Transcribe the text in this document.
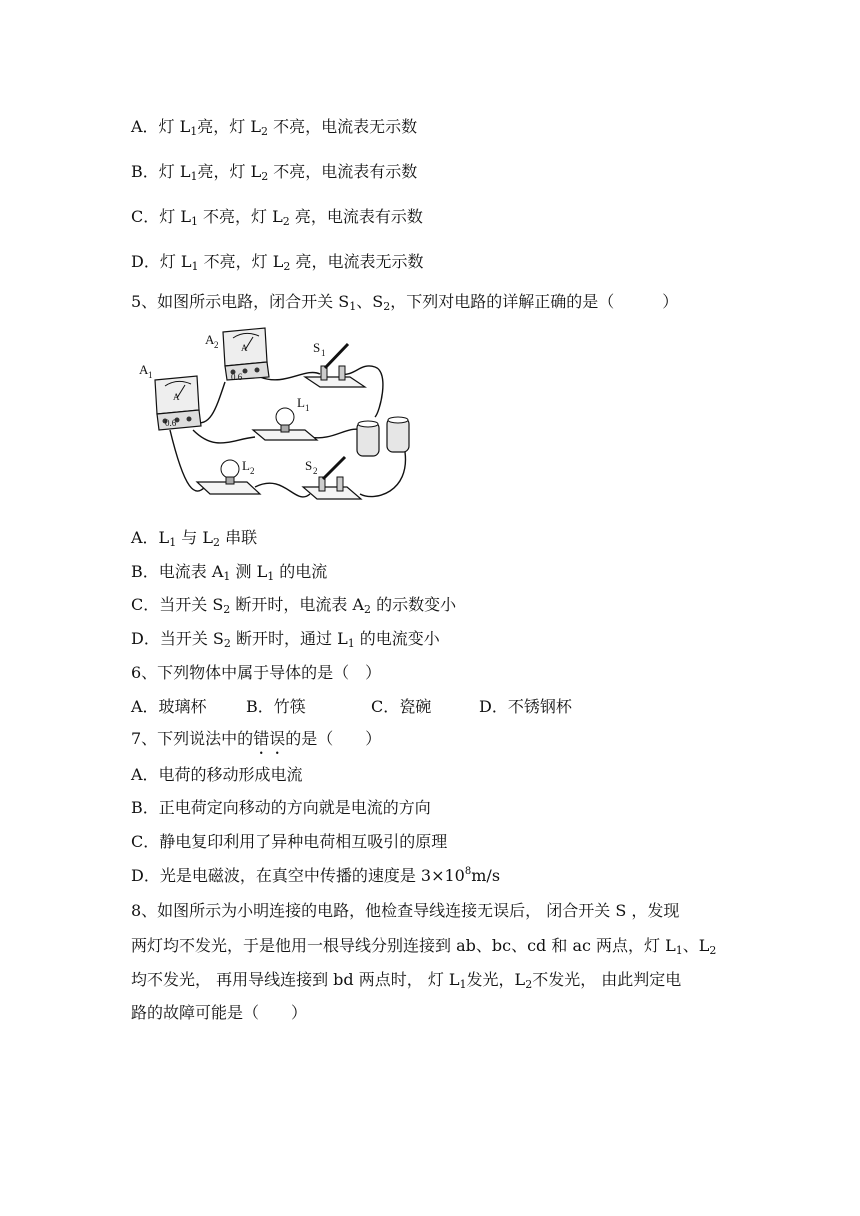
A．灯 $L_1$亮，灯 $L_2$ 不亮，电流表无示数
B．灯 $L_1$亮，灯 $L_2$ 不亮，电流表有示数
C．灯 $L_1$ 不亮，灯 $L_2$ 亮，电流表有示数
D．灯 $L_1$ 不亮，灯 $L_2$ 亮，电流表无示数
5、如图所示电路，闭合开关 $S_1$、$S_2$，下列对电路的详解正确的是（　　　）
A 2	A
0.6
A 1
A
0.6
S 1
L 1
L 2	S 2
A．$L_1$ 与 $L_2$ 串联
B．电流表 $A_1$ 测 $L_1$ 的电流
C．当开关 $S_2$ 断开时，电流表 $A_2$ 的示数变小
D．当开关 $S_2$ 断开时，通过 $L_1$ 的电流变小
6、下列物体中属于导体的是（　）
A．玻璃杯 B．竹筷	C．瓷碗	D．不锈钢杯
7、下列说法中的错误的是（　　）
A．电荷的移动形成电流
B．正电荷定向移动的方向就是电流的方向
C．静电复印利用了异种电荷相互吸引的原理
D．光是电磁波，在真空中传播的速度是 $3\times 10^8m/s$
8、如图所示为小明连接的电路，他检查导线连接无误后， 闭合开关 S ，发现
两灯均不发光，于是他用一根导线分别连接到 ab、bc、cd 和 ac 两点，灯 $L_1$、$L_2$
均不发光， 再用导线连接到 bd 两点时， 灯 $L_1$发光，$L_2$不发光， 由此判定电
路的故障可能是（　　）
